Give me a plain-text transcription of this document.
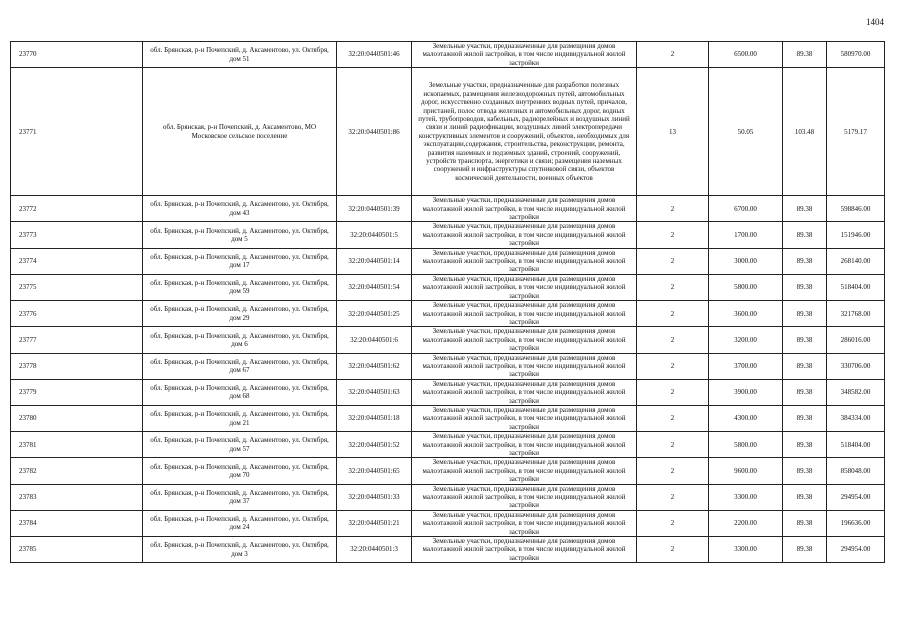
1404
23770	обл. Брянская, р-н Почепский, д. Аксаментово, ул. Октября, дом 51	32:20:0440501:46	Земельные участки, предназначенные для размещения домов малоэтажной жилой застройки, в том числе индивидуальной жилой застройки	2	6500.00	89.38	580970.00
23771	обл. Брянская, р-н Почепский, д. Аксаментово, МО Московское сельское поселение	32:20:0440501:86	Земельные участки, предназначенные для разработки полезных ископаемых, размещения железнодорожных путей, автомобильных дорог, искусственно созданных внутренних водных путей, причалов, пристаней, полос отвода железных и автомобильных дорог, водных путей, трубопроводов, кабельных, радиорелейных и воздушных линий связи и линий радиофикации, воздушных линий электропередачи конструктивных элементов и сооружений, объектов, необходимых для эксплуатации,содержания, строительства, реконструкции, ремонта, развития наземных и подземных зданий, строений, сооружений, устройств транспорта, энергетики и связи; размещения наземных сооружений и инфраструктуры спутниковой связи, объектов космической деятельности, военных объектов	13	50.05	103.48	5179.17
23772	обл. Брянская, р-н Почепский, д. Аксаментово, ул. Октября, дом 43	32:20:0440501:39	Земельные участки, предназначенные для размещения домов малоэтажной жилой застройки, в том числе индивидуальной жилой застройки	2	6700.00	89.38	598846.00
23773	обл. Брянская, р-н Почепский, д. Аксаментово, ул. Октября, дом 5	32:20:0440501:5	Земельные участки, предназначенные для размещения домов малоэтажной жилой застройки, в том числе индивидуальной жилой застройки	2	1700.00	89.38	151946.00
23774	обл. Брянская, р-н Почепский, д. Аксаментово, ул. Октября, дом 17	32:20:0440501:14	Земельные участки, предназначенные для размещения домов малоэтажной жилой застройки, в том числе индивидуальной жилой застройки	2	3000.00	89.38	268140.00
23775	обл. Брянская, р-н Почепский, д. Аксаментово, ул. Октября, дом 59	32:20:0440501:54	Земельные участки, предназначенные для размещения домов малоэтажной жилой застройки, в том числе индивидуальной жилой застройки	2	5800.00	89.38	518404.00
23776	обл. Брянская, р-н Почепский, д. Аксаментово, ул. Октября, дом 29	32:20:0440501:25	Земельные участки, предназначенные для размещения домов малоэтажной жилой застройки, в том числе индивидуальной жилой застройки	2	3600.00	89.38	321768.00
23777	обл. Брянская, р-н Почепский, д. Аксаментово, ул. Октября, дом 6	32:20:0440501:6	Земельные участки, предназначенные для размещения домов малоэтажной жилой застройки, в том числе индивидуальной жилой застройки	2	3200.00	89.38	286016.00
23778	обл. Брянская, р-н Почепский, д. Аксаментово, ул. Октября, дом 67	32:20:0440501:62	Земельные участки, предназначенные для размещения домов малоэтажной жилой застройки, в том числе индивидуальной жилой застройки	2	3700.00	89.38	330706.00
23779	обл. Брянская, р-н Почепский, д. Аксаментово, ул. Октября, дом 68	32:20:0440501:63	Земельные участки, предназначенные для размещения домов малоэтажной жилой застройки, в том числе индивидуальной жилой застройки	2	3900.00	89.38	348582.00
23780	обл. Брянская, р-н Почепский, д. Аксаментово, ул. Октября, дом 21	32:20:0440501:18	Земельные участки, предназначенные для размещения домов малоэтажной жилой застройки, в том числе индивидуальной жилой застройки	2	4300.00	89.38	384334.00
23781	обл. Брянская, р-н Почепский, д. Аксаментово, ул. Октября, дом 57	32:20:0440501:52	Земельные участки, предназначенные для размещения домов малоэтажной жилой застройки, в том числе индивидуальной жилой застройки	2	5800.00	89.38	518404.00
23782	обл. Брянская, р-н Почепский, д. Аксаментово, ул. Октября, дом 70	32:20:0440501:65	Земельные участки, предназначенные для размещения домов малоэтажной жилой застройки, в том числе индивидуальной жилой застройки	2	9600.00	89.38	858048.00
23783	обл. Брянская, р-н Почепский, д. Аксаментово, ул. Октября, дом 37	32:20:0440501:33	Земельные участки, предназначенные для размещения домов малоэтажной жилой застройки, в том числе индивидуальной жилой застройки	2	3300.00	89.38	294954.00
23784	обл. Брянская, р-н Почепский, д. Аксаментово, ул. Октября, дом 24	32:20:0440501:21	Земельные участки, предназначенные для размещения домов малоэтажной жилой застройки, в том числе индивидуальной жилой застройки	2	2200.00	89.38	196636.00
23785	обл. Брянская, р-н Почепский, д. Аксаментово, ул. Октября, дом 3	32:20:0440501:3	Земельные участки, предназначенные для размещения домов малоэтажной жилой застройки, в том числе индивидуальной жилой застройки	2	3300.00	89.38	294954.00
